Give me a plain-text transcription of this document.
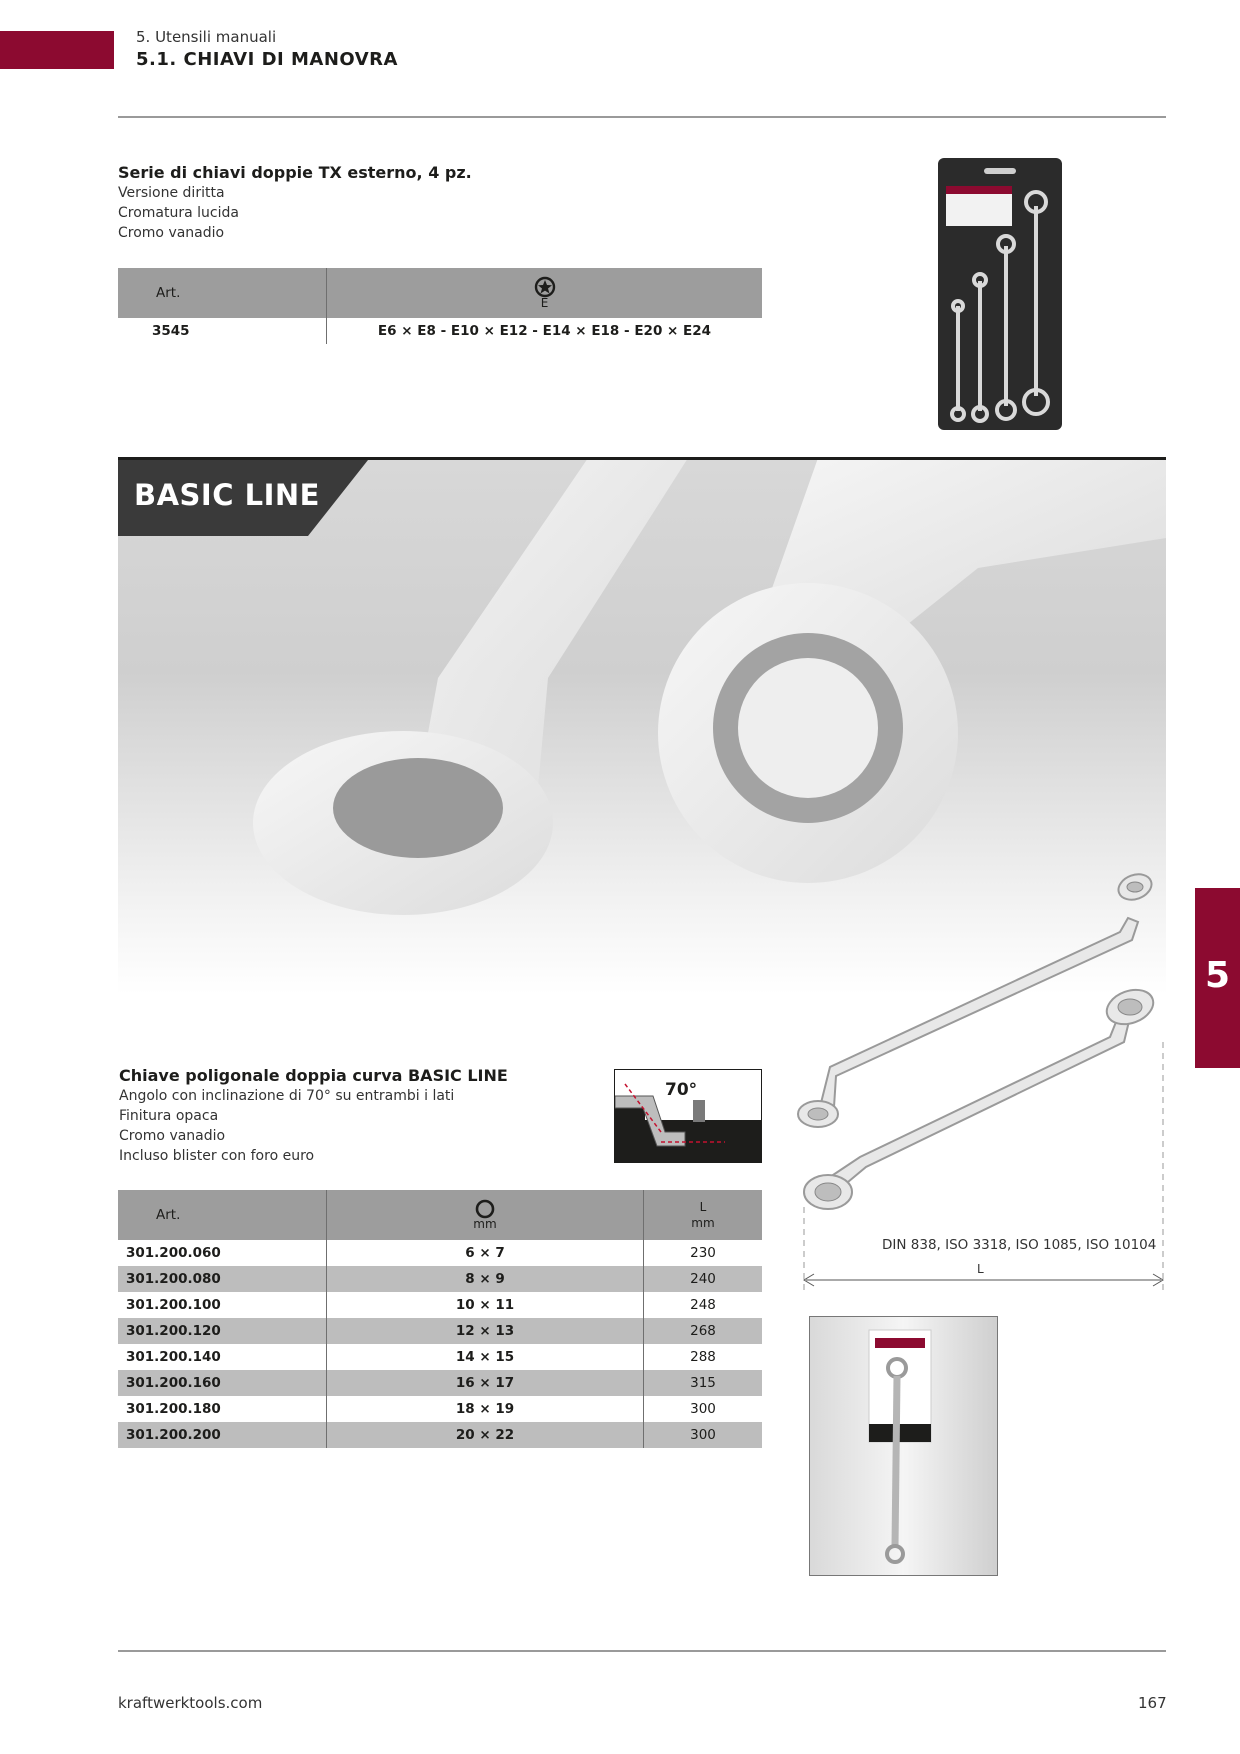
5. Utensili manuali
5.1. CHIAVI DI MANOVRA
Serie di chiavi doppie TX esterno, 4 pz.
Versione diritta
Cromatura lucida
Cromo vanadio
Art.	E

3545	E6 × E8 - E10 × E12 - E14 × E18 - E20 × E24
BASIC LINE
Chiave poligonale doppia curva BASIC LINE
Angolo con inclinazione di 70° su entrambi i lati
Finitura opaca
Cromo vanadio
Incluso blister con foro euro
70°
Art.	mm	L
mm

301.200.060	6 × 7	230
301.200.080	8 × 9	240
301.200.100	10 × 11	248
301.200.120	12 × 13	268
301.200.140	14 × 15	288
301.200.160	16 × 17	315
301.200.180	18 × 19	300
301.200.200	20 × 22	300
DIN 838, ISO 3318, ISO 1085, ISO 10104
L
5
kraftwerktools.com	167
